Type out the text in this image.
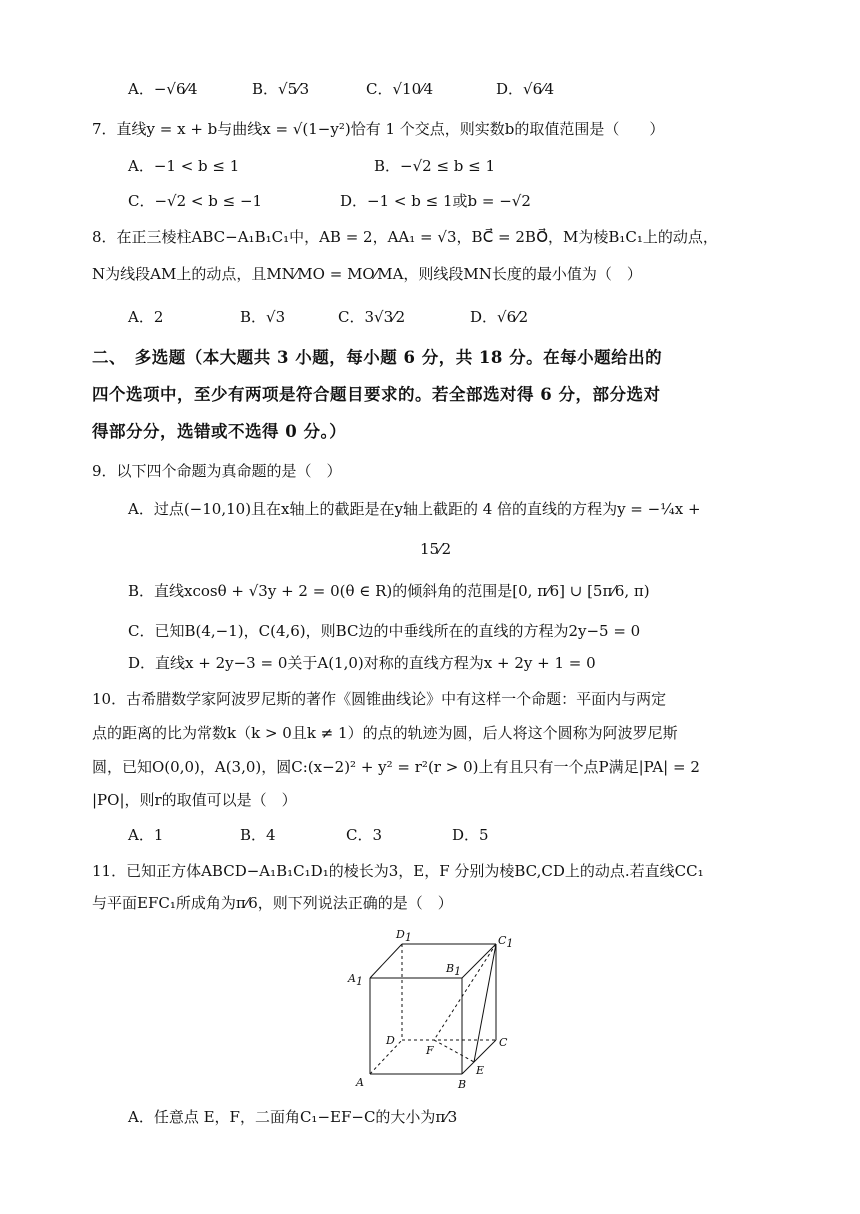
A．−√6⁄4	B．√5⁄3	C．√10⁄4	D．√6⁄4
7．直线y = x + b与曲线x = √(1−y²)恰有 1 个交点，则实数b的取值范围是（　　）
A．−1 < b ≤ 1	B．−√2 ≤ b ≤ 1
C．−√2 < b ≤ −1	D．−1 < b ≤ 1或b = −√2
8．在正三棱柱ABC−A₁B₁C₁中，AB = 2，AA₁ = √3，BC⃗ = 2BO⃗，M为棱B₁C₁上的动点，
N为线段AM上的动点，且MN⁄MO = MO⁄MA，则线段MN长度的最小值为（　）
A．2	B．√3	C．3√3⁄2	D．√6⁄2
二、　多选题（本大题共 3 小题，每小题 6 分，共 18 分。在每小题给出的
四个选项中，至少有两项是符合题目要求的。若全部选对得 6 分，部分选对
得部分分，选错或不选得 0 分。）
9．以下四个命题为真命题的是（　）
A．过点(−10,10)且在x轴上的截距是在y轴上截距的 4 倍的直线的方程为y = −¼x +
15⁄2
B．直线xcosθ + √3y + 2 = 0(θ ∈ R)的倾斜角的范围是[0, π⁄6] ∪ [5π⁄6, π)
C．已知B(4,−1)，C(4,6)，则BC边的中垂线所在的直线的方程为2y−5 = 0
D．直线x + 2y−3 = 0关于A(1,0)对称的直线方程为x + 2y + 1 = 0
10．古希腊数学家阿波罗尼斯的著作《圆锥曲线论》中有这样一个命题：平面内与两定
点的距离的比为常数k（k > 0且k ≠ 1）的点的轨迹为圆，后人将这个圆称为阿波罗尼斯
圆，已知O(0,0)，A(3,0)，圆C:(x−2)² + y² = r²(r > 0)上有且只有一个点P满足|PA| = 2
|PO|，则r的取值可以是（　）
A．1	B．4	C．3	D．5
11．已知正方体ABCD−A₁B₁C₁D₁的棱长为3，E，F 分别为棱BC,CD上的动点.若直线CC₁
与平面EFC₁所成角为π⁄6，则下列说法正确的是（　）
D1	C1
A1
B1
D
F
C
A	B
E
A．任意点 E，F，二面角C₁−EF−C的大小为π⁄3
